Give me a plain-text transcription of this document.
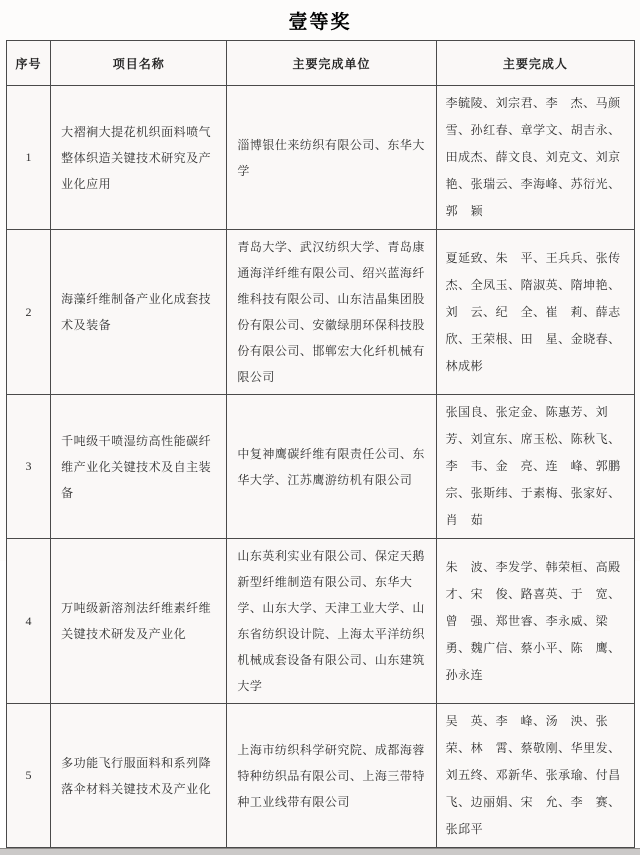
壹等奖
序号	项目名称	主要完成单位	主要完成人
1	大褶裥大提花机织面料喷气整体织造关键技术研究及产业化应用	淄博银仕来纺织有限公司、东华大学	李毓陵、刘宗君、李　杰、马颜雪、孙红春、章学文、胡吉永、田成杰、薛文良、刘克文、刘京艳、张瑞云、李海峰、苏衍光、郭　颖
2	海藻纤维制备产业化成套技术及装备	青岛大学、武汉纺织大学、青岛康通海洋纤维有限公司、绍兴蓝海纤维科技有限公司、山东洁晶集团股份有限公司、安徽绿朋环保科技股份有限公司、邯郸宏大化纤机械有限公司	夏延致、朱　平、王兵兵、张传杰、全凤玉、隋淑英、隋坤艳、刘　云、纪　全、崔　莉、薛志欣、王荣根、田　星、金晓春、林成彬
3	千吨级干喷湿纺高性能碳纤维产业化关键技术及自主装备	中复神鹰碳纤维有限责任公司、东华大学、江苏鹰游纺机有限公司	张国良、张定金、陈惠芳、刘　芳、刘宣东、席玉松、陈秋飞、李　韦、金　亮、连　峰、郭鹏宗、张斯纬、于素梅、张家好、肖　茹
4	万吨级新溶剂法纤维素纤维关键技术研发及产业化	山东英利实业有限公司、保定天鹅新型纤维制造有限公司、东华大学、山东大学、天津工业大学、山东省纺织设计院、上海太平洋纺织机械成套设备有限公司、山东建筑大学	朱　波、李发学、韩荣桓、高殿才、宋　俊、路喜英、于　宽、曾　强、郑世睿、李永威、梁　勇、魏广信、蔡小平、陈　鹰、孙永连
5	多功能飞行服面料和系列降落伞材料关键技术及产业化	上海市纺织科学研究院、成都海蓉特种纺织品有限公司、上海三带特种工业线带有限公司	吴　英、李　峰、汤　泱、张　荣、林　霄、蔡敬刚、华里发、刘五终、邓新华、张承瑜、付昌飞、边丽娟、宋　允、李　赛、张邱平
